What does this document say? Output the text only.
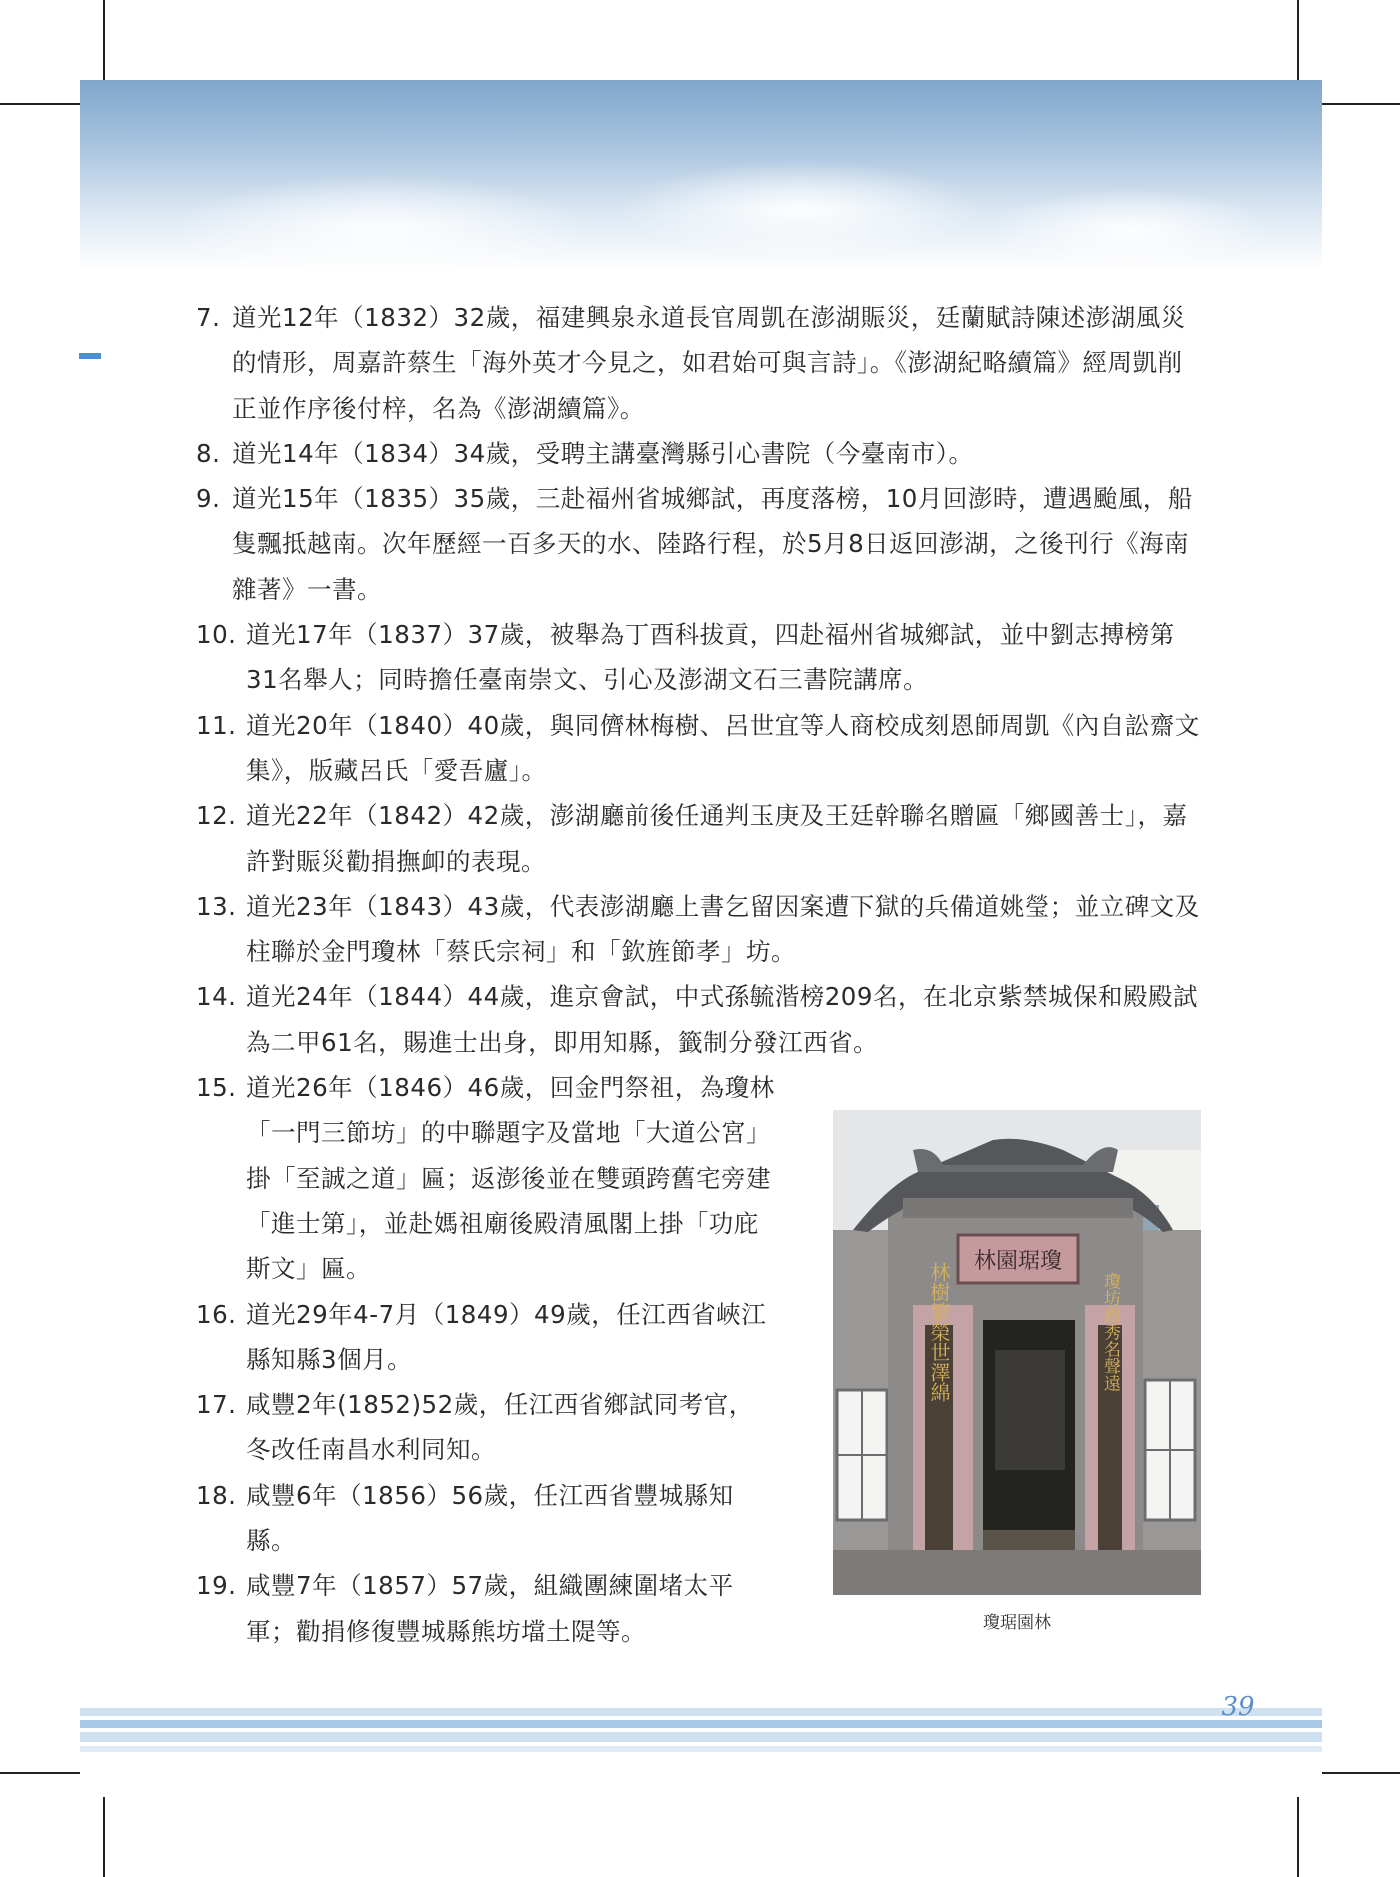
7. 道光12年（1832）32歲，福建興泉永道長官周凱在澎湖賑災，廷蘭賦詩陳述澎湖風災的情形，周嘉許蔡生「海外英才今見之，如君始可與言詩」。《澎湖紀略續篇》經周凱削正並作序後付梓，名為《澎湖續篇》。
8. 道光14年（1834）34歲，受聘主講臺灣縣引心書院（今臺南市）。
9. 道光15年（1835）35歲，三赴福州省城鄉試，再度落榜，10月回澎時，遭遇颱風，船隻飄抵越南。次年歷經一百多天的水、陸路行程，於5月8日返回澎湖，之後刊行《海南雜著》一書。
10. 道光17年（1837）37歲，被舉為丁酉科拔貢，四赴福州省城鄉試，並中劉志搏榜第31名舉人；同時擔任臺南崇文、引心及澎湖文石三書院講席。
11. 道光20年（1840）40歲，與同儕林梅樹、呂世宜等人商校成刻恩師周凱《內自訟齋文集》，版藏呂氏「愛吾廬」。
12. 道光22年（1842）42歲，澎湖廳前後任通判玉庚及王廷幹聯名贈匾「鄉國善士」，嘉許對賑災勸捐撫卹的表現。
13. 道光23年（1843）43歲，代表澎湖廳上書乞留因案遭下獄的兵備道姚瑩；並立碑文及柱聯於金門瓊林「蔡氏宗祠」和「欽旌節孝」坊。
14. 道光24年（1844）44歲，進京會試，中式孫毓湝榜209名，在北京紫禁城保和殿殿試為二甲61名，賜進士出身，即用知縣，籤制分發江西省。
15. 道光26年（1846）46歲，回金門祭祖，為瓊林「一門三節坊」的中聯題字及當地「大道公宮」掛「至誠之道」匾；返澎後並在雙頭跨舊宅旁建「進士第」，並赴媽祖廟後殿清風閣上掛「功庇斯文」匾。
16. 道光29年4-7月（1849）49歲，任江西省峽江縣知縣3個月。
17. 咸豐2年(1852)52歲，任江西省鄉試同考官，冬改任南昌水利同知。
18. 咸豐6年（1856）56歲，任江西省豐城縣知縣。
19. 咸豐7年（1857）57歲，組織團練圍堵太平軍；勸捐修復豐城縣熊坊壋土隄等。
林園琚瓊
林樹繁榮世澤綿	瓊坊踞秀名聲遠
瓊琚園林
39
